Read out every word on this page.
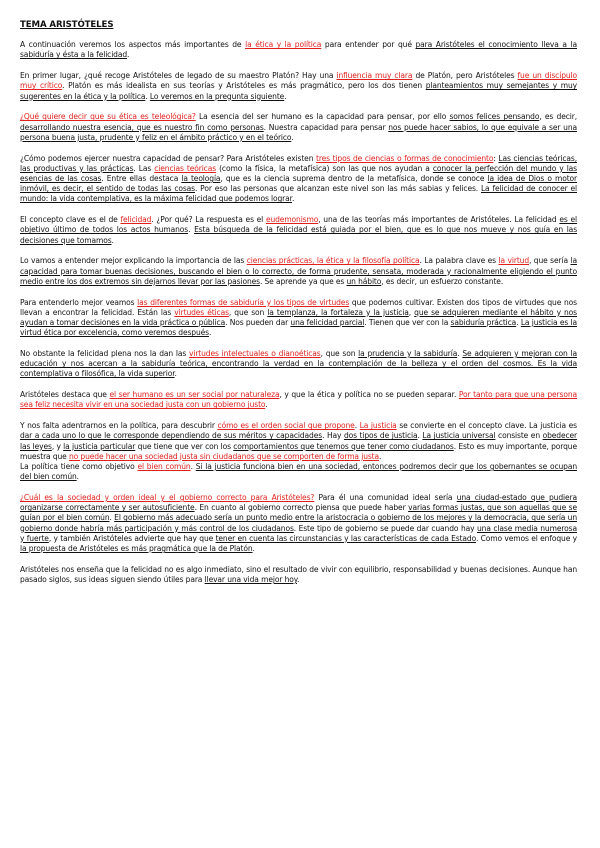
TEMA ARISTÓTELES

A continuación veremos los aspectos más importantes de la ética y la política para entender por qué para Aristóteles el conocimiento lleva a la sabiduría y ésta a la felicidad.

En primer lugar, ¿qué recoge Aristóteles de legado de su maestro Platón? Hay una influencia muy clara de Platón, pero Aristóteles fue un discípulo muy crítico. Platón es más idealista en sus teorías y Aristóteles es más pragmático, pero los dos tienen planteamientos muy semejantes y muy sugerentes en la ética y la política. Lo veremos en la pregunta siguiente.

¿Qué quiere decir que su ética es teleológica? La esencia del ser humano es la capacidad para pensar, por ello somos felices pensando, es decir, desarrollando nuestra esencia, que es nuestro fin como personas. Nuestra capacidad para pensar nos puede hacer sabios, lo que equivale a ser una persona buena justa, prudente y feliz en el ámbito práctico y en el teórico.

¿Cómo podemos ejercer nuestra capacidad de pensar? Para Aristóteles existen tres tipos de ciencias o formas de conocimiento: Las ciencias teóricas, las productivas y las prácticas. Las ciencias teóricas (como la física, la metafísica) son las que nos ayudan a conocer la perfección del mundo y las esencias de las cosas. Entre ellas destaca la teología, que es la ciencia suprema dentro de la metafísica, donde se conoce la idea de Dios o motor inmóvil, es decir, el sentido de todas las cosas. Por eso las personas que alcanzan este nivel son las más sabias y felices. La felicidad de conocer el mundo: la vida contemplativa, es la máxima felicidad que podemos lograr.

El concepto clave es el de felicidad. ¿Por qué? La respuesta es el eudemonismo, una de las teorías más importantes de Aristóteles. La felicidad es el objetivo último de todos los actos humanos. Esta búsqueda de la felicidad está guiada por el bien, que es lo que nos mueve y nos guía en las decisiones que tomamos.

Lo vamos a entender mejor explicando la importancia de las ciencias prácticas, la ética y la filosofía política. La palabra clave es la virtud, que sería la capacidad para tomar buenas decisiones, buscando el bien o lo correcto, de forma prudente, sensata, moderada y racionalmente eligiendo el punto medio entre los dos extremos sin dejarnos llevar por las pasiones. Se aprende ya que es un hábito, es decir, un esfuerzo constante.

Para entenderlo mejor veamos las diferentes formas de sabiduría y los tipos de virtudes que podemos cultivar. Existen dos tipos de virtudes que nos llevan a encontrar la felicidad. Están las virtudes éticas, que son la templanza, la fortaleza y la justicia, que se adquieren mediante el hábito y nos ayudan a tomar decisiones en la vida práctica o pública. Nos pueden dar una felicidad parcial. Tienen que ver con la sabiduría práctica. La justicia es la virtud ética por excelencia, como veremos después.

No obstante la felicidad plena nos la dan las virtudes intelectuales o dianoéticas, que son la prudencia y la sabiduría. Se adquieren y mejoran con la educación y nos acercan a la sabiduría teórica, encontrando la verdad en la contemplación de la belleza y el orden del cosmos. Es la vida contemplativa o filosófica, la vida superior.

Aristóteles destaca que el ser humano es un ser social por naturaleza, y que la ética y política no se pueden separar. Por tanto para que una persona sea feliz necesita vivir en una sociedad justa con un gobierno justo.

Y nos falta adentrarnos en la política, para descubrir cómo es el orden social que propone. La justicia se convierte en el concepto clave. La justicia es dar a cada uno lo que le corresponde dependiendo de sus méritos y capacidades. Hay dos tipos de justicia. La justicia universal consiste en obedecer las leyes, y la justicia particular que tiene que ver con los comportamientos que tenemos que tener como ciudadanos. Esto es muy importante, porque muestra que no puede hacer una sociedad justa sin ciudadanos que se comporten de forma justa.
La política tiene como objetivo el bien común. Si la justicia funciona bien en una sociedad, entonces podremos decir que los gobernantes se ocupan del bien común.

¿Cuál es la sociedad y orden ideal y el gobierno correcto para Aristóteles? Para él una comunidad ideal sería una ciudad-estado que pudiera organizarse correctamente y ser autosuficiente. En cuanto al gobierno correcto piensa que puede haber varias formas justas, que son aquellas que se guían por el bien común. El gobierno más adecuado sería un punto medio entre la aristocracia o gobierno de los mejores y la democracia, que sería un gobierno donde habría más participación y más control de los ciudadanos. Este tipo de gobierno se puede dar cuando hay una clase media numerosa y fuerte, y también Aristóteles advierte que hay que tener en cuenta las circunstancias y las características de cada Estado. Como vemos el enfoque y la propuesta de Aristóteles es más pragmática que la de Platón.

Aristóteles nos enseña que la felicidad no es algo inmediato, sino el resultado de vivir con equilibrio, responsabilidad y buenas decisiones. Aunque han pasado siglos, sus ideas siguen siendo útiles para llevar una vida mejor hoy.
